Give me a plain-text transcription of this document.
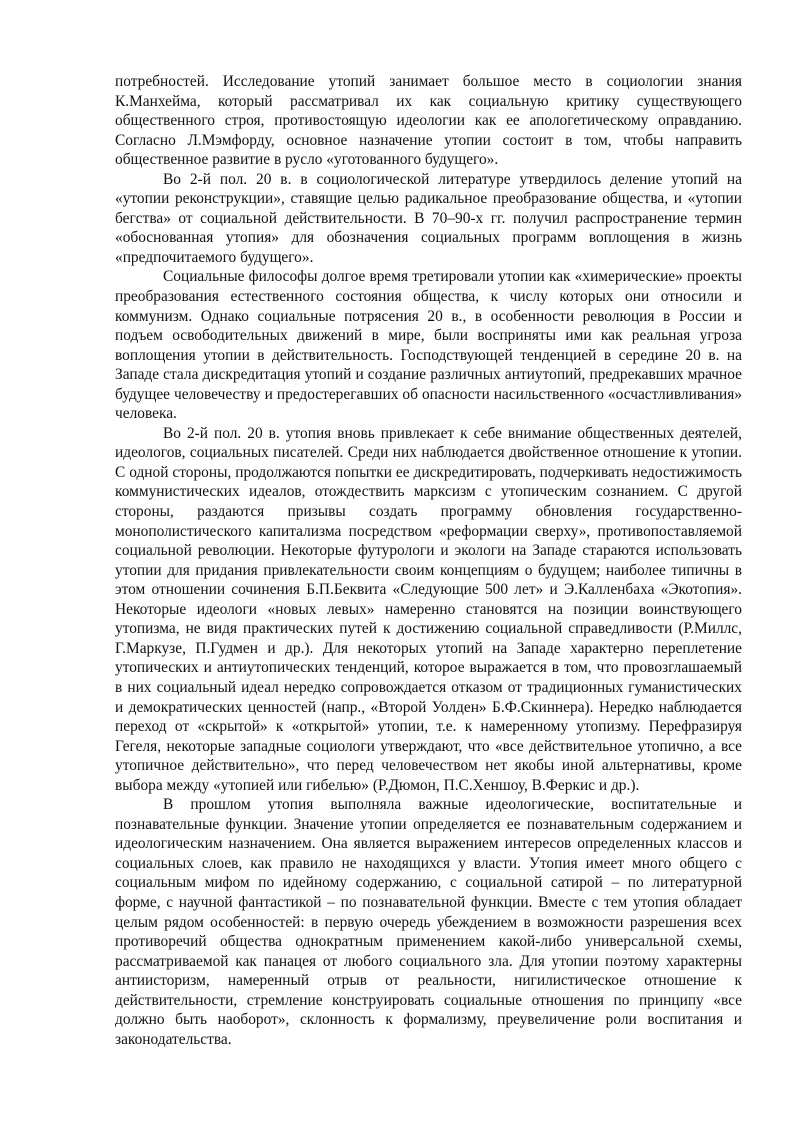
потребностей. Исследование утопий занимает большое место в социологии знания К.Манхейма, который рассматривал их как социальную критику существующего общественного строя, противостоящую идеологии как ее апологетическому оправданию. Согласно Л.Мэмфорду, основное назначение утопии состоит в том, чтобы направить общественное развитие в русло «уготованного будущего».

Во 2-й пол. 20 в. в социологической литературе утвердилось деление утопий на «утопии реконструкции», ставящие целью радикальное преобразование общества, и «утопии бегства» от социальной действительности. В 70–90-х гг. получил распространение термин «обоснованная утопия» для обозначения социальных программ воплощения в жизнь «предпочитаемого будущего».

Социальные философы долгое время третировали утопии как «химерические» проекты преобразования естественного состояния общества, к числу которых они относили и коммунизм. Однако социальные потрясения 20 в., в особенности революция в России и подъем освободительных движений в мире, были восприняты ими как реальная угроза воплощения утопии в действительность. Господствующей тенденцией в середине 20 в. на Западе стала дискредитация утопий и создание различных антиутопий, предрекавших мрачное будущее человечеству и предостерегавших об опасности насильственного «осчастливливания» человека.

Во 2-й пол. 20 в. утопия вновь привлекает к себе внимание общественных деятелей, идеологов, социальных писателей. Среди них наблюдается двойственное отношение к утопии. С одной стороны, продолжаются попытки ее дискредитировать, подчеркивать недостижимость коммунистических идеалов, отождествить марксизм с утопическим сознанием. С другой стороны, раздаются призывы создать программу обновления государственно-монополистического капитализма посредством «реформации сверху», противопоставляемой социальной революции. Некоторые футурологи и экологи на Западе стараются использовать утопии для придания привлекательности своим концепциям о будущем; наиболее типичны в этом отношении сочинения Б.П.Беквита «Следующие 500 лет» и Э.Калленбаха «Экотопия». Некоторые идеологи «новых левых» намеренно становятся на позиции воинствующего утопизма, не видя практических путей к достижению социальной справедливости (Р.Миллс, Г.Маркузе, П.Гудмен и др.). Для некоторых утопий на Западе характерно переплетение утопических и антиутопических тенденций, которое выражается в том, что провозглашаемый в них социальный идеал нередко сопровождается отказом от традиционных гуманистических и демократических ценностей (напр., «Второй Уолден» Б.Ф.Скиннера). Нередко наблюдается переход от «скрытой» к «открытой» утопии, т.е. к намеренному утопизму. Перефразируя Гегеля, некоторые западные социологи утверждают, что «все действительное утопично, а все утопичное действительно», что перед человечеством нет якобы иной альтернативы, кроме выбора между «утопией или гибелью» (Р.Дюмон, П.С.Хеншоу, В.Феркис и др.).

В прошлом утопия выполняла важные идеологические, воспитательные и познавательные функции. Значение утопии определяется ее познавательным содержанием и идеологическим назначением. Она является выражением интересов определенных классов и социальных слоев, как правило не находящихся у власти. Утопия имеет много общего с социальным мифом по идейному содержанию, с социальной сатирой – по литературной форме, с научной фантастикой – по познавательной функции. Вместе с тем утопия обладает целым рядом особенностей: в первую очередь убеждением в возможности разрешения всех противоречий общества однократным применением какой-либо универсальной схемы, рассматриваемой как панацея от любого социального зла. Для утопии поэтому характерны антиисторизм, намеренный отрыв от реальности, нигилистическое отношение к действительности, стремление конструировать социальные отношения по принципу «все должно быть наоборот», склонность к формализму, преувеличение роли воспитания и законодательства.
